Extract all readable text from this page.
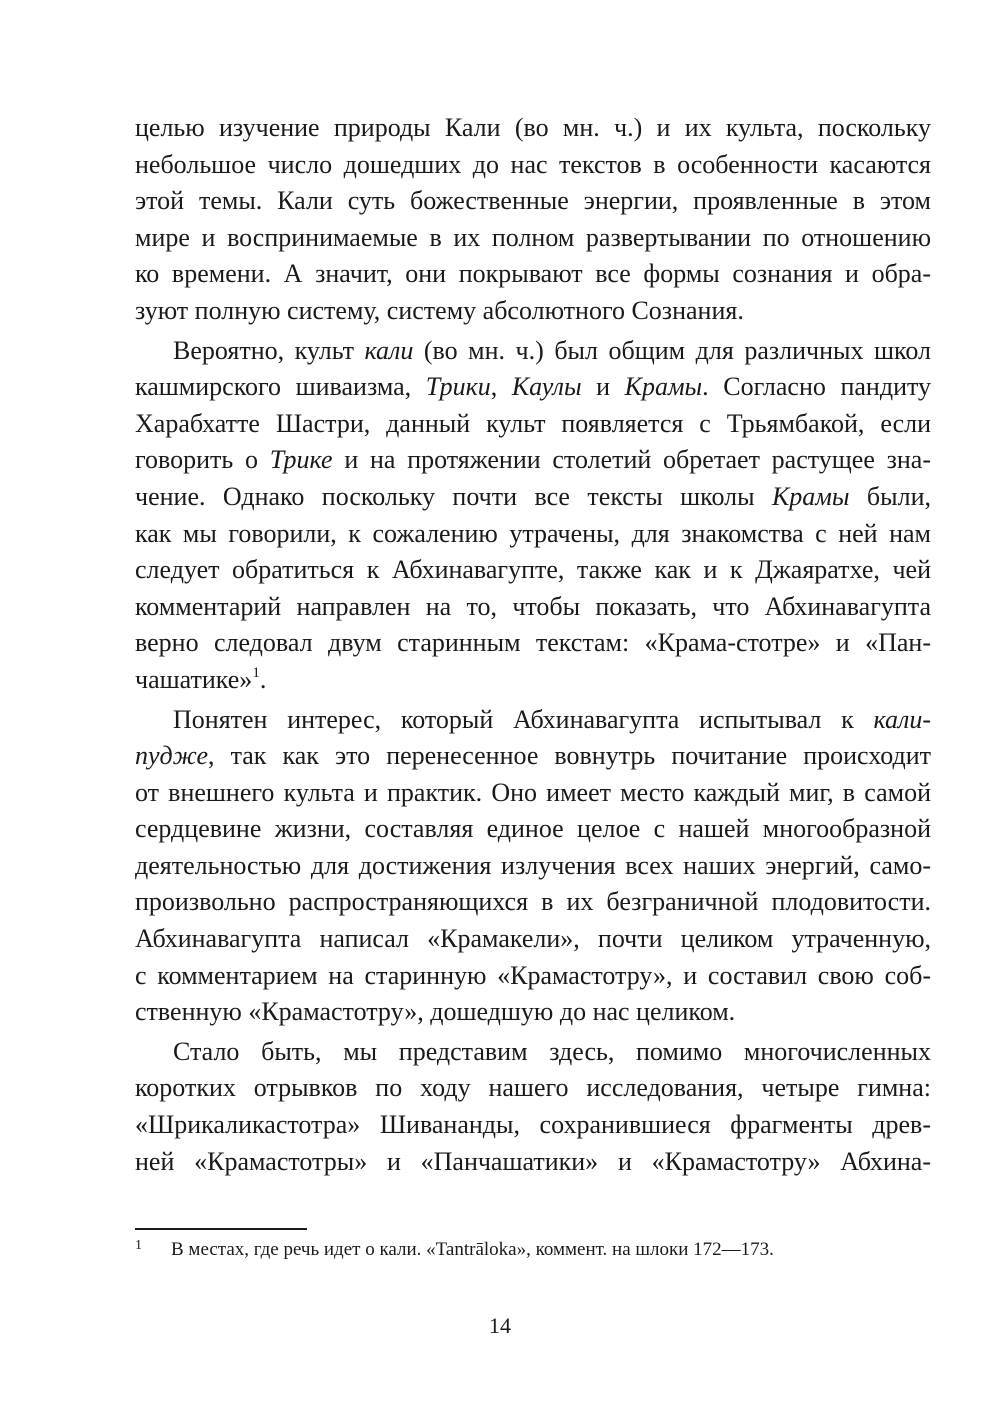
целью изучение природы Кали (во мн. ч.) и их культа, поскольку
небольшое число дошедших до нас текстов в особенности касаются
этой темы. Кали суть божественные энергии, проявленные в этом
мире и воспринимаемые в их полном развертывании по отношению
ко времени. А значит, они покрывают все формы сознания и обра-
зуют полную систему, систему абсолютного Сознания.
Вероятно, культ кали (во мн. ч.) был общим для различных школ
кашмирского шиваизма, Трики, Каулы и Крамы. Согласно пандиту
Харабхатте Шастри, данный культ появляется с Трьямбакой, если
говорить о Трике и на протяжении столетий обретает растущее зна-
чение. Однако поскольку почти все тексты школы Крамы были,
как мы говорили, к сожалению утрачены, для знакомства с ней нам
следует обратиться к Абхинавагупте, также как и к Джаяратхе, чей
комментарий направлен на то, чтобы показать, что Абхинавагупта
верно следовал двум старинным текстам: «Крама-стотре» и «Пан-
чашатике»$^1$.
Понятен интерес, который Абхинавагупта испытывал к кали-
пудже, так как это перенесенное вовнутрь почитание происходит
от внешнего культа и практик. Оно имеет место каждый миг, в самой
сердцевине жизни, составляя единое целое с нашей многообразной
деятельностью для достижения излучения всех наших энергий, само-
произвольно распространяющихся в их безграничной плодовитости.
Абхинавагупта написал «Крамакели», почти целиком утраченную,
с комментарием на старинную «Крамастотру», и составил свою соб-
ственную «Крамастотру», дошедшую до нас целиком.
Стало быть, мы представим здесь, помимо многочисленных
коротких отрывков по ходу нашего исследования, четыре гимна:
«Шрикаликастотра» Шивананды, сохранившиеся фрагменты древ-
ней «Крамастотры» и «Панчашатики» и «Крамастотру» Абхина-
1 В местах, где речь идет о кали. «Tantrāloka», коммент. на шлоки 172—173.
14
